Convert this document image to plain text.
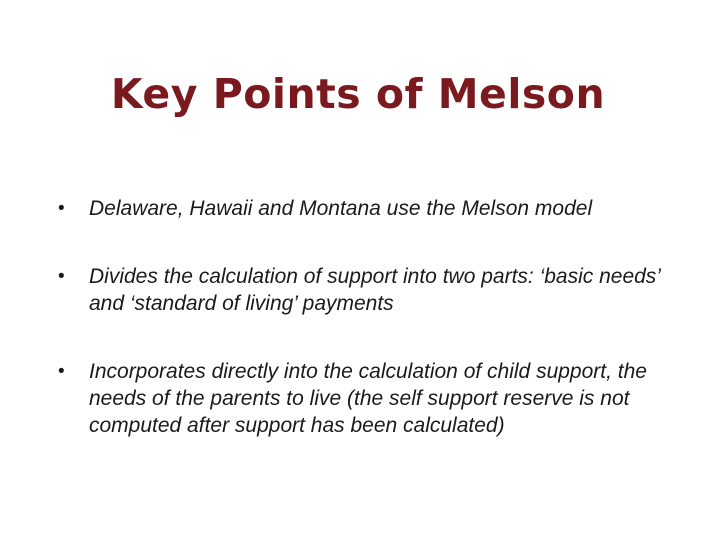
Key Points of Melson
• Delaware, Hawaii and Montana use the Melson model
• Divides the calculation of support into two parts: ‘basic needs’ and ‘standard of living’ payments
• Incorporates directly into the calculation of child support, the needs of the parents to live (the self support reserve is not computed after support has been calculated)
